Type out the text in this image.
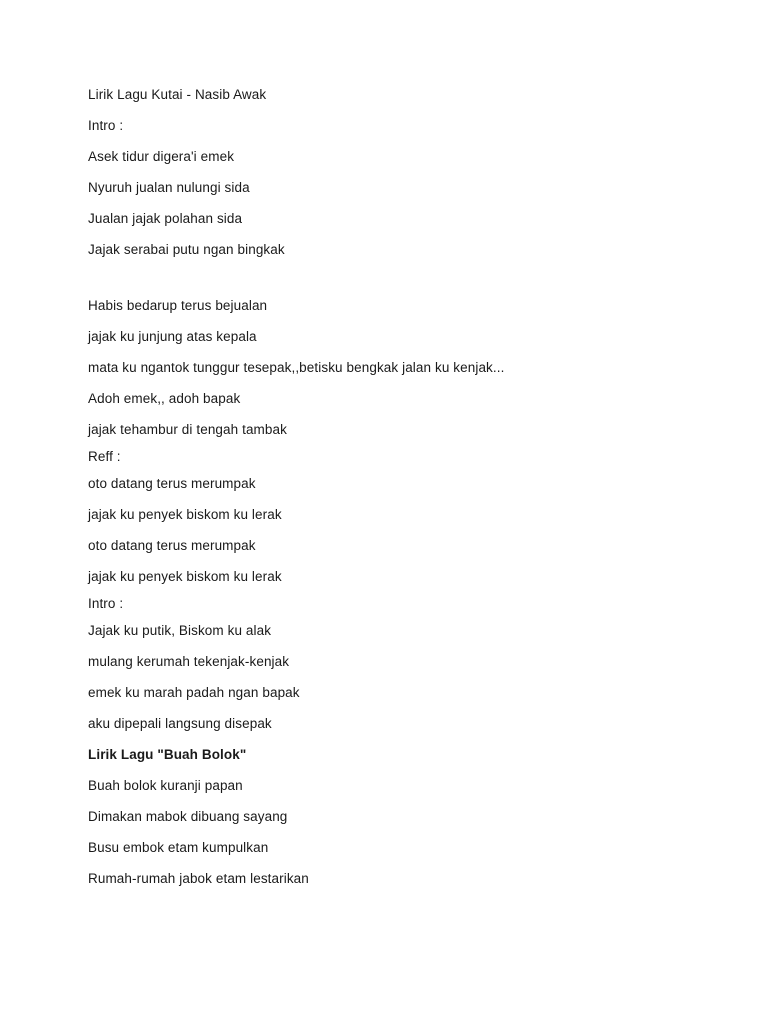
Lirik Lagu Kutai - Nasib Awak
Intro :
Asek tidur digera'i emek
Nyuruh jualan nulungi sida
Jualan jajak polahan sida
Jajak serabai putu ngan bingkak
Habis bedarup terus bejualan
jajak ku junjung atas kepala
mata ku ngantok tunggur tesepak,,betisku bengkak jalan ku kenjak...
Adoh emek,, adoh bapak
jajak tehambur di tengah tambak
Reff :
oto datang terus merumpak
jajak ku penyek biskom ku lerak
oto datang terus merumpak
jajak ku penyek biskom ku lerak
Intro :
Jajak ku putik, Biskom ku alak
mulang kerumah tekenjak-kenjak
emek ku marah padah ngan bapak
aku dipepali langsung disepak
Lirik Lagu "Buah Bolok"
Buah bolok kuranji papan
Dimakan mabok dibuang sayang
Busu embok etam kumpulkan
Rumah-rumah jabok etam lestarikan
